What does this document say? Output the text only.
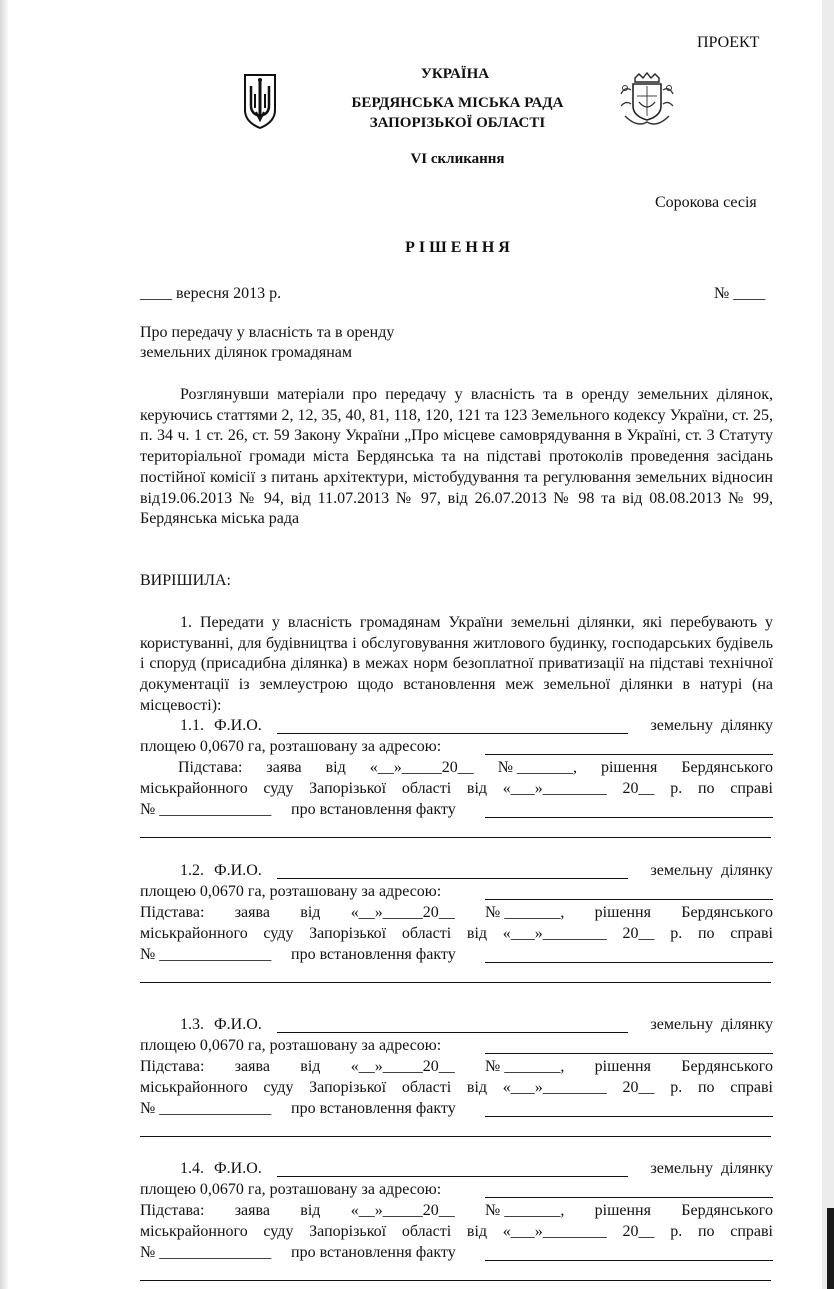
ПРОЕКТ
УКРАЇНА
БЕРДЯНСЬКА МІСЬКА РАДА
ЗАПОРІЗЬКОЇ ОБЛАСТІ
VI скликання
Сорокова сесія
Р І Ш Е Н Н Я
____ вересня 2013 р.	№ ____
Про передачу у власність та в оренду
земельних ділянок громадянам
Розглянувши матеріали про передачу у власність та в оренду земельних ділянок, керуючись статтями 2, 12, 35, 40, 81, 118, 120, 121 та 123 Земельного кодексу України, ст. 25, п. 34 ч. 1 ст. 26, ст. 59 Закону України „Про місцеве самоврядування в Україні, ст. 3 Статуту територіальної громади міста Бердянська та на підставі протоколів проведення засідань постійної комісії з питань архітектури, містобудування та регулювання земельних відносин від19.06.2013 № 94, від 11.07.2013 № 97, від 26.07.2013 № 98 та від 08.08.2013 № 99, Бердянська міська рада
ВИРІШИЛА:
1. Передати у власність громадянам України земельні ділянки, які перебувають у користуванні, для будівництва і обслуговування житлового будинку, господарських будівель і споруд (присадибна ділянка) в межах норм безоплатної приватизації на підставі технічної документації із землеустрою щодо встановлення меж земельної ділянки в натурі (на місцевості):
1.1. Ф.И.О.	земельну ділянку
площею 0,0670 га, розташовану за адресою:
Підстава: заява від «__»_____20__ № _______, рішення Бердянського
міськрайонного суду Запорізької області від «___»________ 20__ р. по справі
№ ______________ про встановлення факту
1.2. Ф.И.О.	земельну ділянку
площею 0,0670 га, розташовану за адресою:
Підстава: заява від «__»_____20__ № _______, рішення Бердянського
міськрайонного суду Запорізької області від «___»________ 20__ р. по справі
№ ______________ про встановлення факту
1.3. Ф.И.О.	земельну ділянку
площею 0,0670 га, розташовану за адресою:
Підстава: заява від «__»_____20__ № _______, рішення Бердянського
міськрайонного суду Запорізької області від «___»________ 20__ р. по справі
№ ______________ про встановлення факту
1.4. Ф.И.О.	земельну ділянку
площею 0,0670 га, розташовану за адресою:
Підстава: заява від «__»_____20__ № _______, рішення Бердянського
міськрайонного суду Запорізької області від «___»________ 20__ р. по справі
№ ______________ про встановлення факту
